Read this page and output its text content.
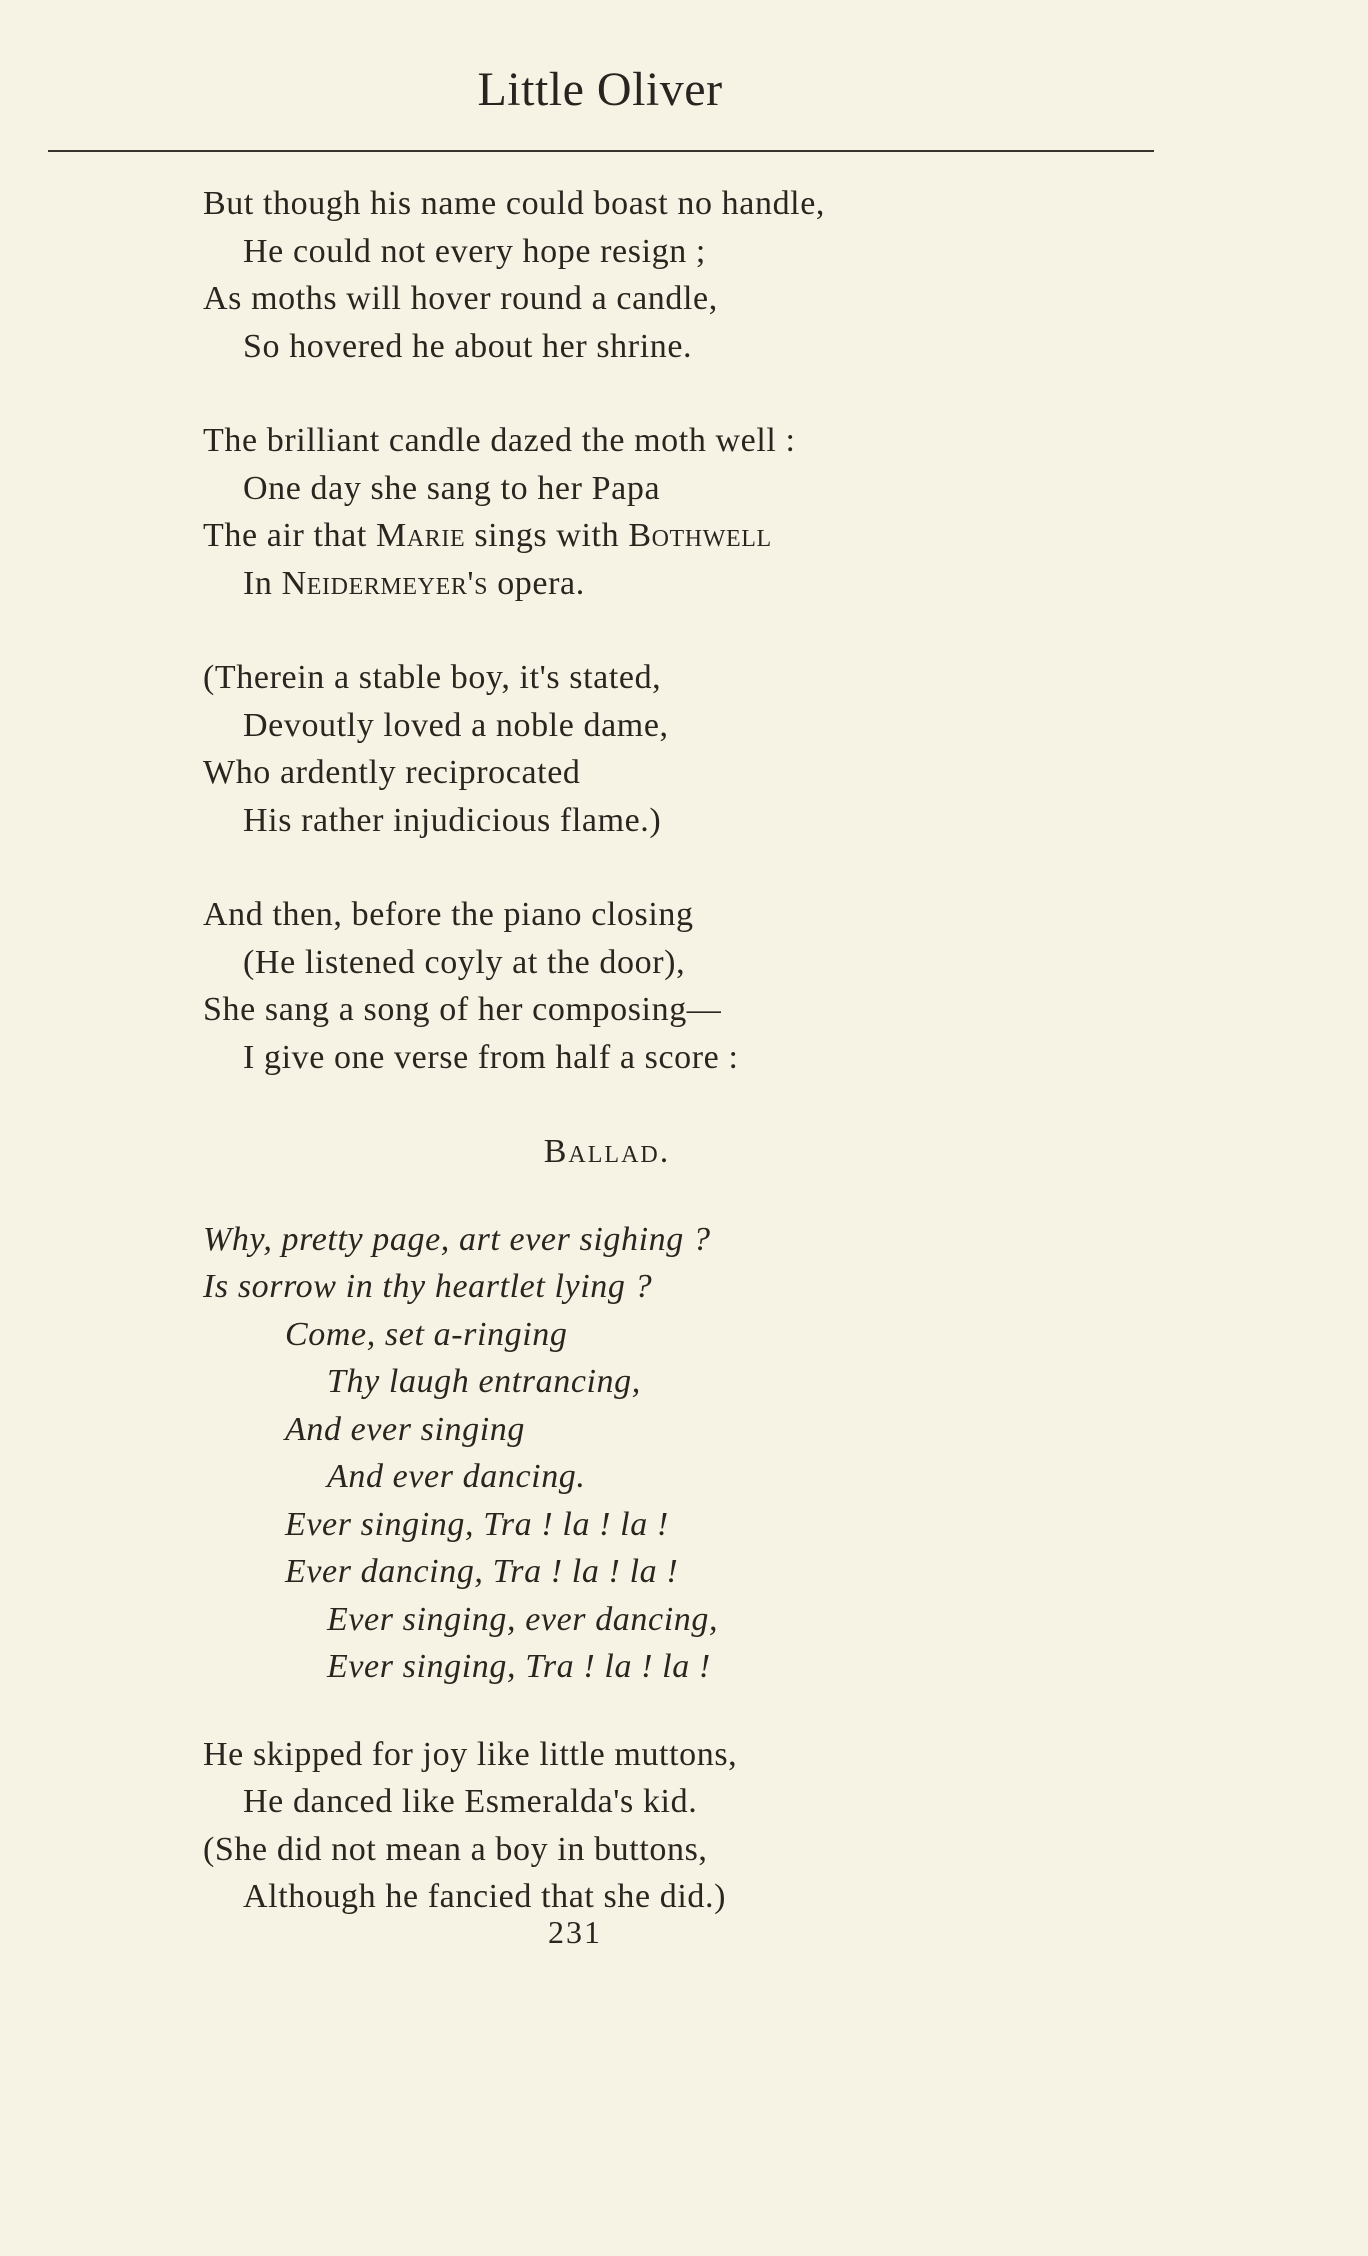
Little Oliver
But though his name could boast no handle,
He could not every hope resign ;
As moths will hover round a candle,
So hovered he about her shrine.
The brilliant candle dazed the moth well :
One day she sang to her Papa
The air that Marie sings with Bothwell
In Neidermeyer's opera.
(Therein a stable boy, it's stated,
Devoutly loved a noble dame,
Who ardently reciprocated
His rather injudicious flame.)
And then, before the piano closing
(He listened coyly at the door),
She sang a song of her composing—
I give one verse from half a score :
Ballad.
Why, pretty page, art ever sighing ?
Is sorrow in thy heartlet lying ?
Come, set a-ringing
Thy laugh entrancing,
And ever singing
And ever dancing.
Ever singing, Tra ! la ! la !
Ever dancing, Tra ! la ! la !
Ever singing, ever dancing,
Ever singing, Tra ! la ! la !
He skipped for joy like little muttons,
He danced like Esmeralda's kid.
(She did not mean a boy in buttons,
Although he fancied that she did.)
231
